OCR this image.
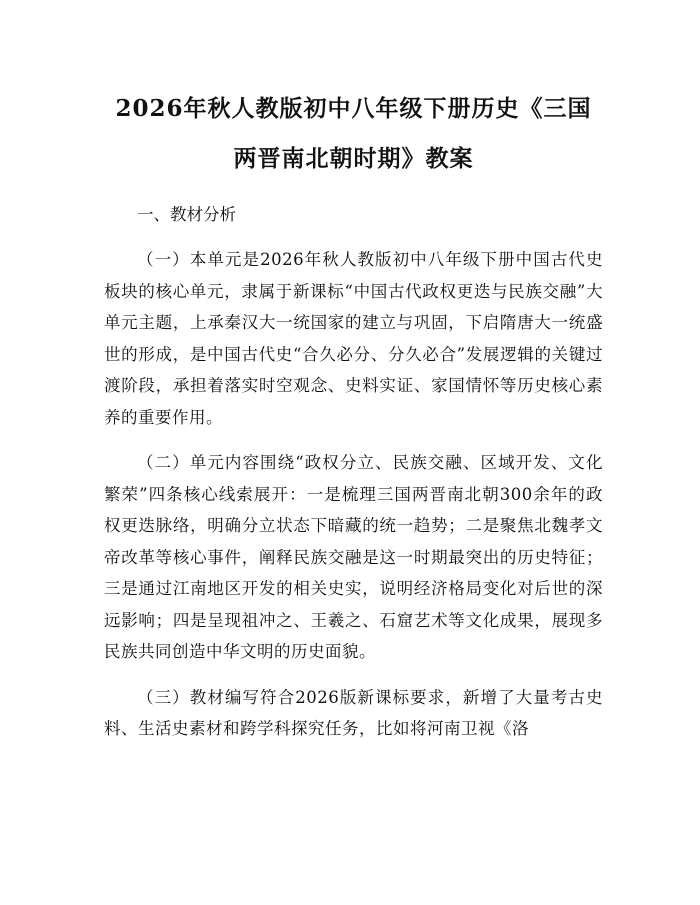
2026年秋人教版初中八年级下册历史《三国
两晋南北朝时期》教案

一、教材分析

（一）本单元是2026年秋人教版初中八年级下册中国古代史板块的核心单元，隶属于新课标“中国古代政权更迭与民族交融”大单元主题，上承秦汉大一统国家的建立与巩固，下启隋唐大一统盛世的形成，是中国古代史“合久必分、分久必合”发展逻辑的关键过渡阶段，承担着落实时空观念、史料实证、家国情怀等历史核心素养的重要作用。

（二）单元内容围绕“政权分立、民族交融、区域开发、文化繁荣”四条核心线索展开：一是梳理三国两晋南北朝300余年的政权更迭脉络，明确分立状态下暗藏的统一趋势；二是聚焦北魏孝文帝改革等核心事件，阐释民族交融是这一时期最突出的历史特征；三是通过江南地区开发的相关史实，说明经济格局变化对后世的深远影响；四是呈现祖冲之、王羲之、石窟艺术等文化成果，展现多民族共同创造中华文明的历史面貌。

（三）教材编写符合2026版新课标要求，新增了大量考古史料、生活史素材和跨学科探究任务，比如将河南卫视《洛
